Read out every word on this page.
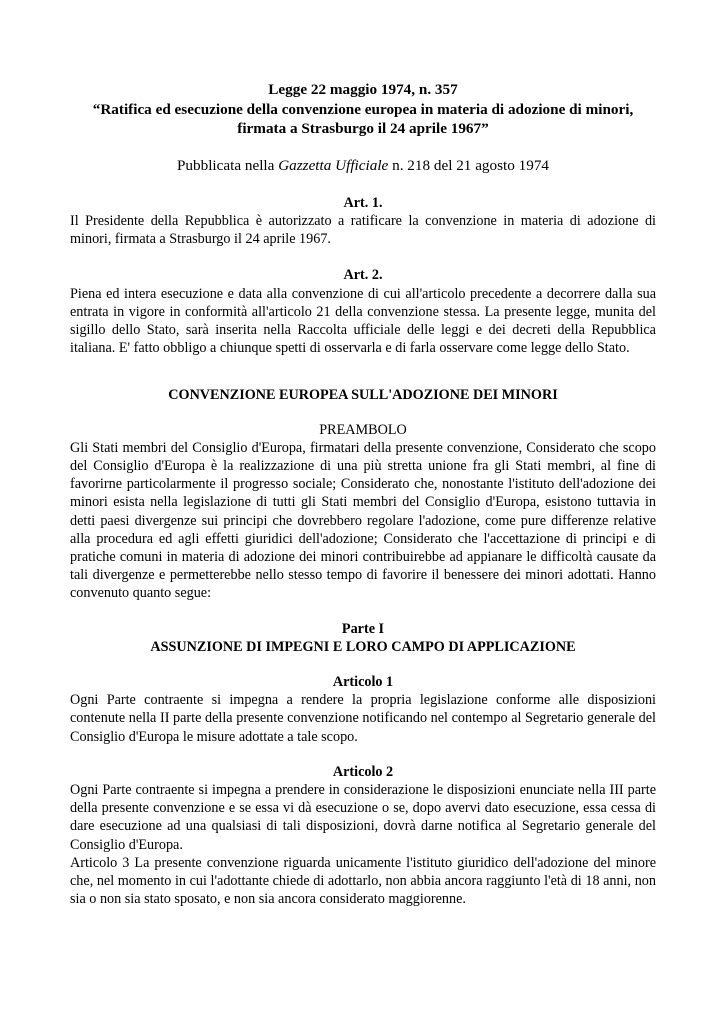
Legge 22 maggio 1974, n. 357
“Ratifica ed esecuzione della convenzione europea in materia di adozione di minori,
firmata a Strasburgo il 24 aprile 1967”
Pubblicata nella Gazzetta Ufficiale n. 218 del 21 agosto 1974
Art. 1.
Il Presidente della Repubblica è autorizzato a ratificare la convenzione in materia di adozione di minori, firmata a Strasburgo il 24 aprile 1967.
Art. 2.
Piena ed intera esecuzione e data alla convenzione di cui all'articolo precedente a decorrere dalla sua entrata in vigore in conformità all'articolo 21 della convenzione stessa. La presente legge, munita del sigillo dello Stato, sarà inserita nella Raccolta ufficiale delle leggi e dei decreti della Repubblica italiana. E' fatto obbligo a chiunque spetti di osservarla e di farla osservare come legge dello Stato.
CONVENZIONE EUROPEA SULL'ADOZIONE DEI MINORI
PREAMBOLO
Gli Stati membri del Consiglio d'Europa, firmatari della presente convenzione, Considerato che scopo del Consiglio d'Europa è la realizzazione di una più stretta unione fra gli Stati membri, al fine di favorirne particolarmente il progresso sociale; Considerato che, nonostante l'istituto dell'adozione dei minori esista nella legislazione di tutti gli Stati membri del Consiglio d'Europa, esistono tuttavia in detti paesi divergenze sui principi che dovrebbero regolare l'adozione, come pure differenze relative alla procedura ed agli effetti giuridici dell'adozione; Considerato che l'accettazione di principi e di pratiche comuni in materia di adozione dei minori contribuirebbe ad appianare le difficoltà causate da tali divergenze e permetterebbe nello stesso tempo di favorire il benessere dei minori adottati. Hanno convenuto quanto segue:
Parte I
ASSUNZIONE DI IMPEGNI E LORO CAMPO DI APPLICAZIONE
Articolo 1
Ogni Parte contraente si impegna a rendere la propria legislazione conforme alle disposizioni contenute nella II parte della presente convenzione notificando nel contempo al Segretario generale del Consiglio d'Europa le misure adottate a tale scopo.
Articolo 2
Ogni Parte contraente si impegna a prendere in considerazione le disposizioni enunciate nella III parte della presente convenzione e se essa vi dà esecuzione o se, dopo avervi dato esecuzione, essa cessa di dare esecuzione ad una qualsiasi di tali disposizioni, dovrà darne notifica al Segretario generale del Consiglio d'Europa.
Articolo 3 La presente convenzione riguarda unicamente l'istituto giuridico dell'adozione del minore che, nel momento in cui l'adottante chiede di adottarlo, non abbia ancora raggiunto l'età di 18 anni, non sia o non sia stato sposato, e non sia ancora considerato maggiorenne.
